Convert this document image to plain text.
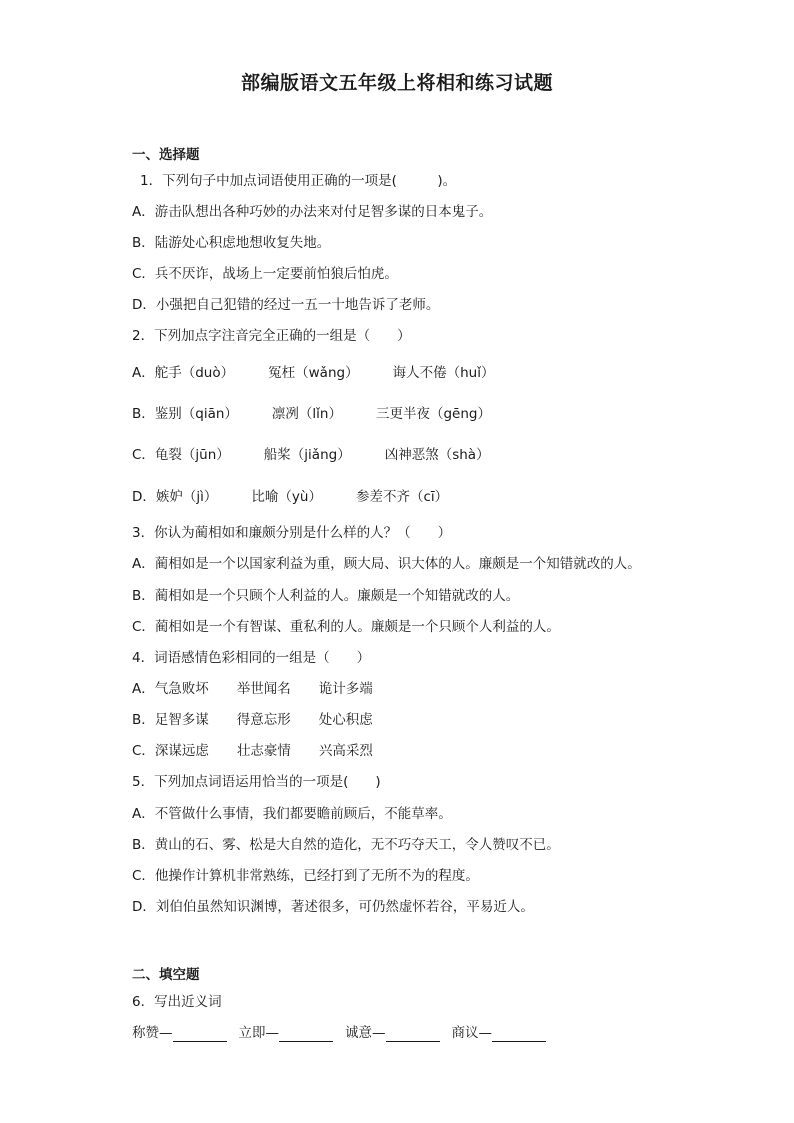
部编版语文五年级上将相和练习试题
一、选择题
1．下列句子中加点词语使用正确的一项是(　　　)。
A．游击队想出各种巧妙的办法来对付足智多谋的日本鬼子。
B．陆游处心积虑地想收复失地。
C．兵不厌诈，战场上一定要前怕狼后怕虎。
D．小强把自己犯错的经过一五一十地告诉了老师。
2．下列加点字注音完全正确的一组是（　　）
A．舵手（duò）	冤枉（wǎng）	诲人不倦（huǐ）
B．鉴别（qiān）	凛冽（lǐn）	三更半夜（gēng）
C．龟裂（jūn）	船桨（jiǎng）	凶神恶煞（shà）
D．嫉妒（jì）	比喻（yù）	参差不齐（cī）
3．你认为蔺相如和廉颇分别是什么样的人？（　　）
A．蔺相如是一个以国家利益为重，顾大局、识大体的人。廉颇是一个知错就改的人。
B．蔺相如是一个只顾个人利益的人。廉颇是一个知错就改的人。
C．蔺相如是一个有智谋、重私利的人。廉颇是一个只顾个人利益的人。
4．词语感情色彩相同的一组是（　　）
A．气急败坏 举世闻名 诡计多端
B．足智多谋 得意忘形 处心积虑
C．深谋远虑 壮志豪情 兴高采烈
5．下列加点词语运用恰当的一项是(　　)
A．不管做什么事情，我们都要瞻前顾后，不能草率。
B．黄山的石、雾、松是大自然的造化，无不巧夺天工，令人赞叹不已。
C．他操作计算机非常熟练，已经打到了无所不为的程度。
D．刘伯伯虽然知识渊博，著述很多，可仍然虚怀若谷，平易近人。
二、填空题
6．写出近义词
称赞—	立即—	诚意—	商议—
